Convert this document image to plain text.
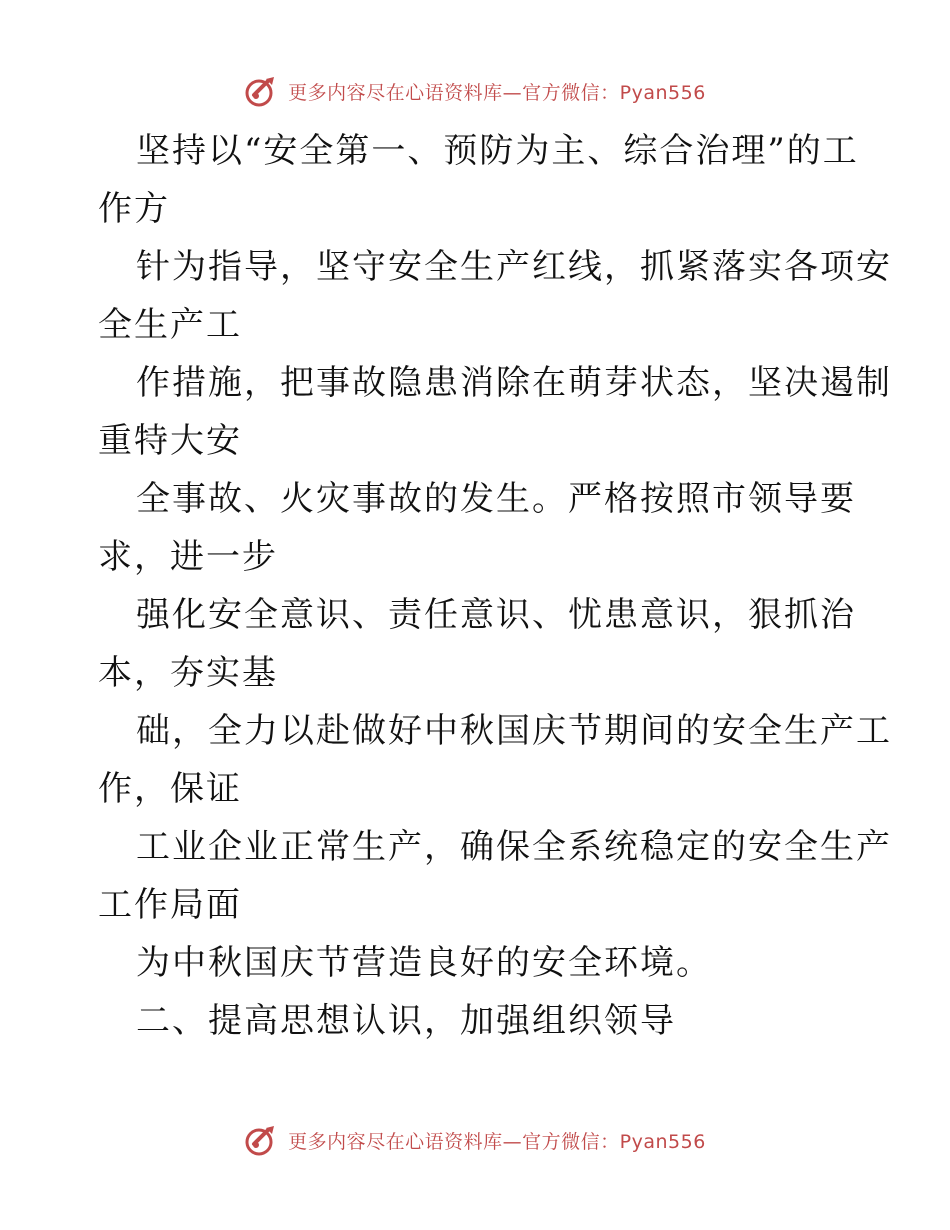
更多内容尽在心语资料库—官方微信：Pyan556

坚持以“安全第一、预防为主、综合治理”的工

作方

针为指导，坚守安全生产红线，抓紧落实各项安

全生产工

作措施，把事故隐患消除在萌芽状态，坚决遏制

重特大安

全事故、火灾事故的发生。严格按照市领导要

求，进一步

强化安全意识、责任意识、忧患意识，狠抓治

本，夯实基

础，全力以赴做好中秋国庆节期间的安全生产工

作，保证

工业企业正常生产，确保全系统稳定的安全生产

工作局面

为中秋国庆节营造良好的安全环境。

二、提高思想认识，加强组织领导

更多内容尽在心语资料库—官方微信：Pyan556
